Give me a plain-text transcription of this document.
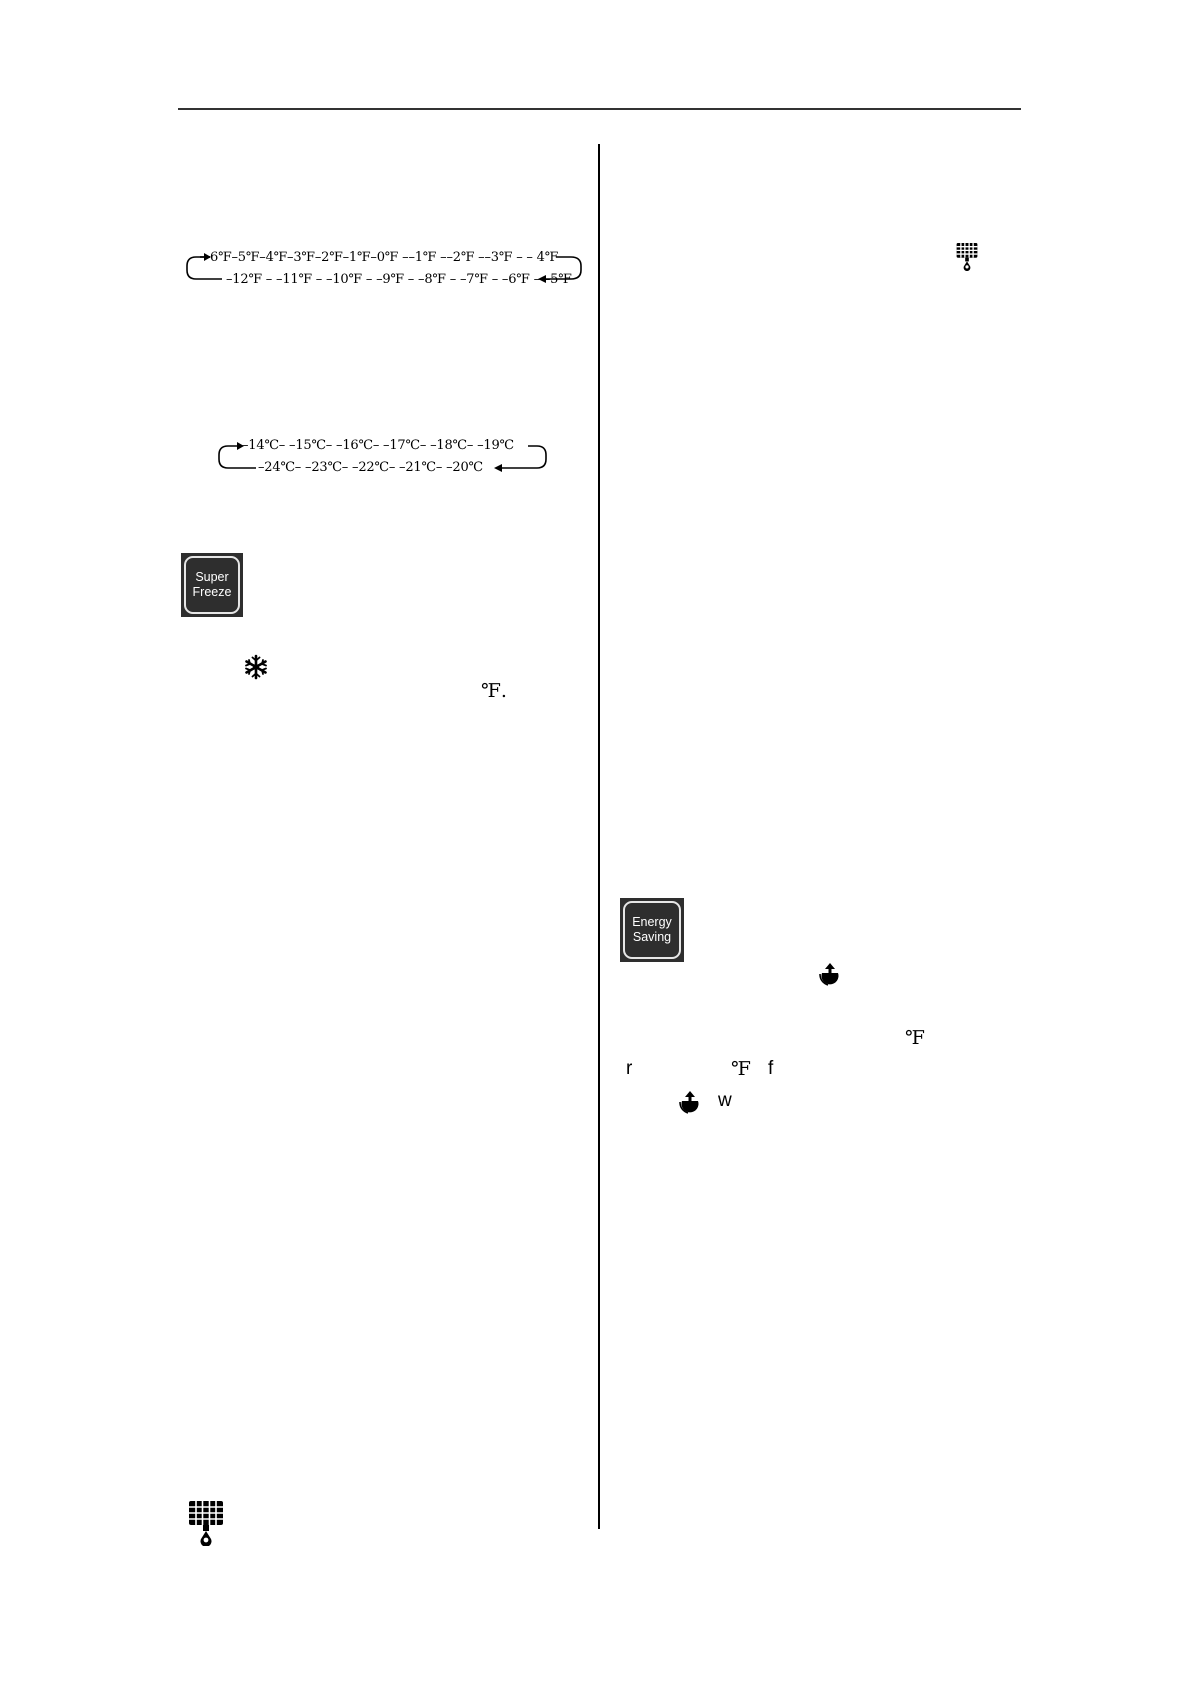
6℉–5℉–4℉–3℉–2℉–1℉–0℉ ––1℉ ––2℉ ––3℉ – – 4℉
–12℉ – –11℉ – –10℉ – –9℉ – –8℉ – –7℉ – –6℉ – –5℉
–14℃– –15℃– –16℃– –17℃– –18℃– –19℃
–24℃– –23℃– –22℃– –21℃– –20℃
Super
Freeze
℉.
Energy
Saving
℉
r	℉ f
w
